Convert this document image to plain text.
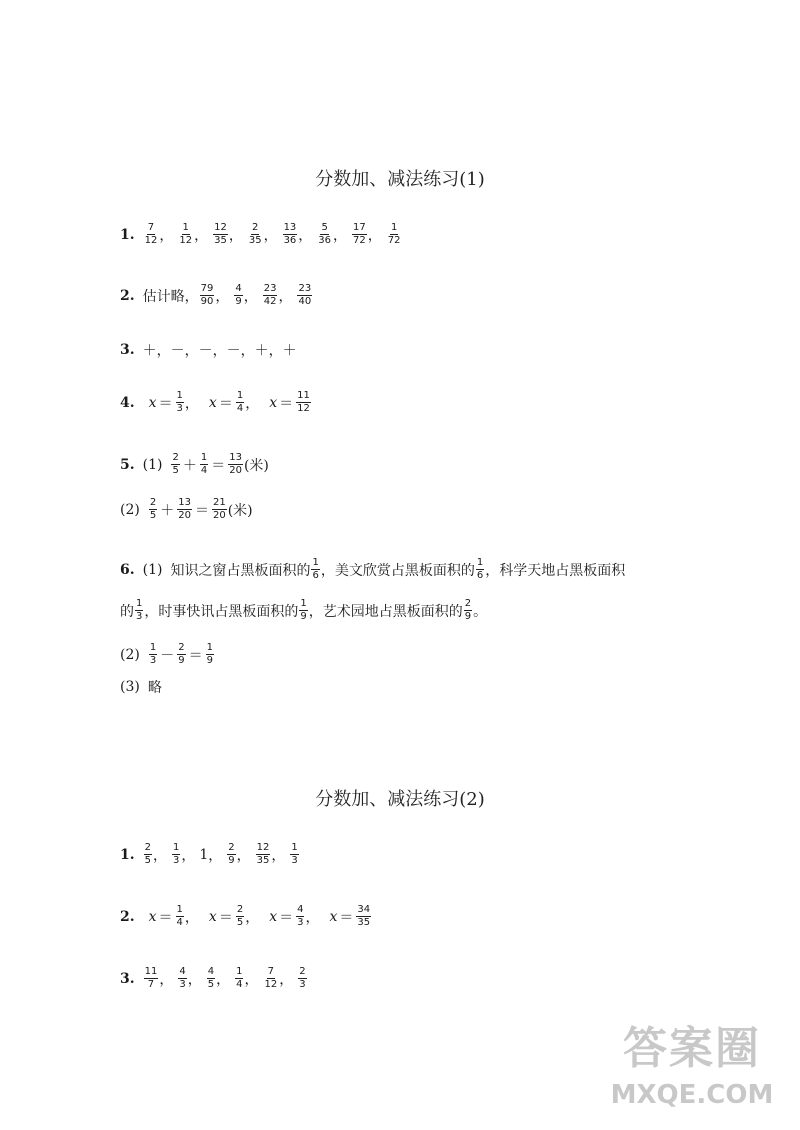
分数加、减法练习(1)
1. $\frac{7}{12}$ ， $\frac{1}{12}$ ， $\frac{12}{35}$ ， $\frac{2}{35}$ ， $\frac{13}{36}$ ， $\frac{5}{36}$ ， $\frac{17}{72}$ ， $\frac{1}{72}$
2. 估计略， $\frac{79}{90}$ ， $\frac{4}{9}$ ， $\frac{23}{42}$ ， $\frac{23}{40}$
3. ＋，－，－，－，＋，＋
4. $x = \frac{1}{3}$ ， $x = \frac{1}{4}$ ， $x = \frac{11}{12}$
5. $(1) \frac{2}{5} + \frac{1}{4} = \frac{13}{20}$ (米)
$(2) \frac{2}{5} + \frac{13}{20} = \frac{21}{20}$ (米)
6. (1) 知识之窗占黑板面积的 $\frac{1}{6}$ ，美文欣赏占黑板面积的 $\frac{1}{6}$ ，科学天地占黑板面积
的 $\frac{1}{3}$ ，时事快讯占黑板面积的 $\frac{1}{9}$ ，艺术园地占黑板面积的 $\frac{2}{9}$ 。
$(2) \frac{1}{3} - \frac{2}{9} = \frac{1}{9}$
(3) 略
分数加、减法练习(2)
1. $\frac{2}{5}$ ， $\frac{1}{3}$ ， 1 ， $\frac{2}{9}$ ， $\frac{12}{35}$ ， $\frac{1}{3}$
2. $x = \frac{1}{4}$ ， $x = \frac{2}{5}$ ， $x = \frac{4}{3}$ ， $x = \frac{34}{35}$
3. $\frac{11}{7}$ ， $\frac{4}{3}$ ， $\frac{4}{5}$ ， $\frac{1}{4}$ ， $\frac{7}{12}$ ， $\frac{2}{3}$
答案圈
MXQE.COM
